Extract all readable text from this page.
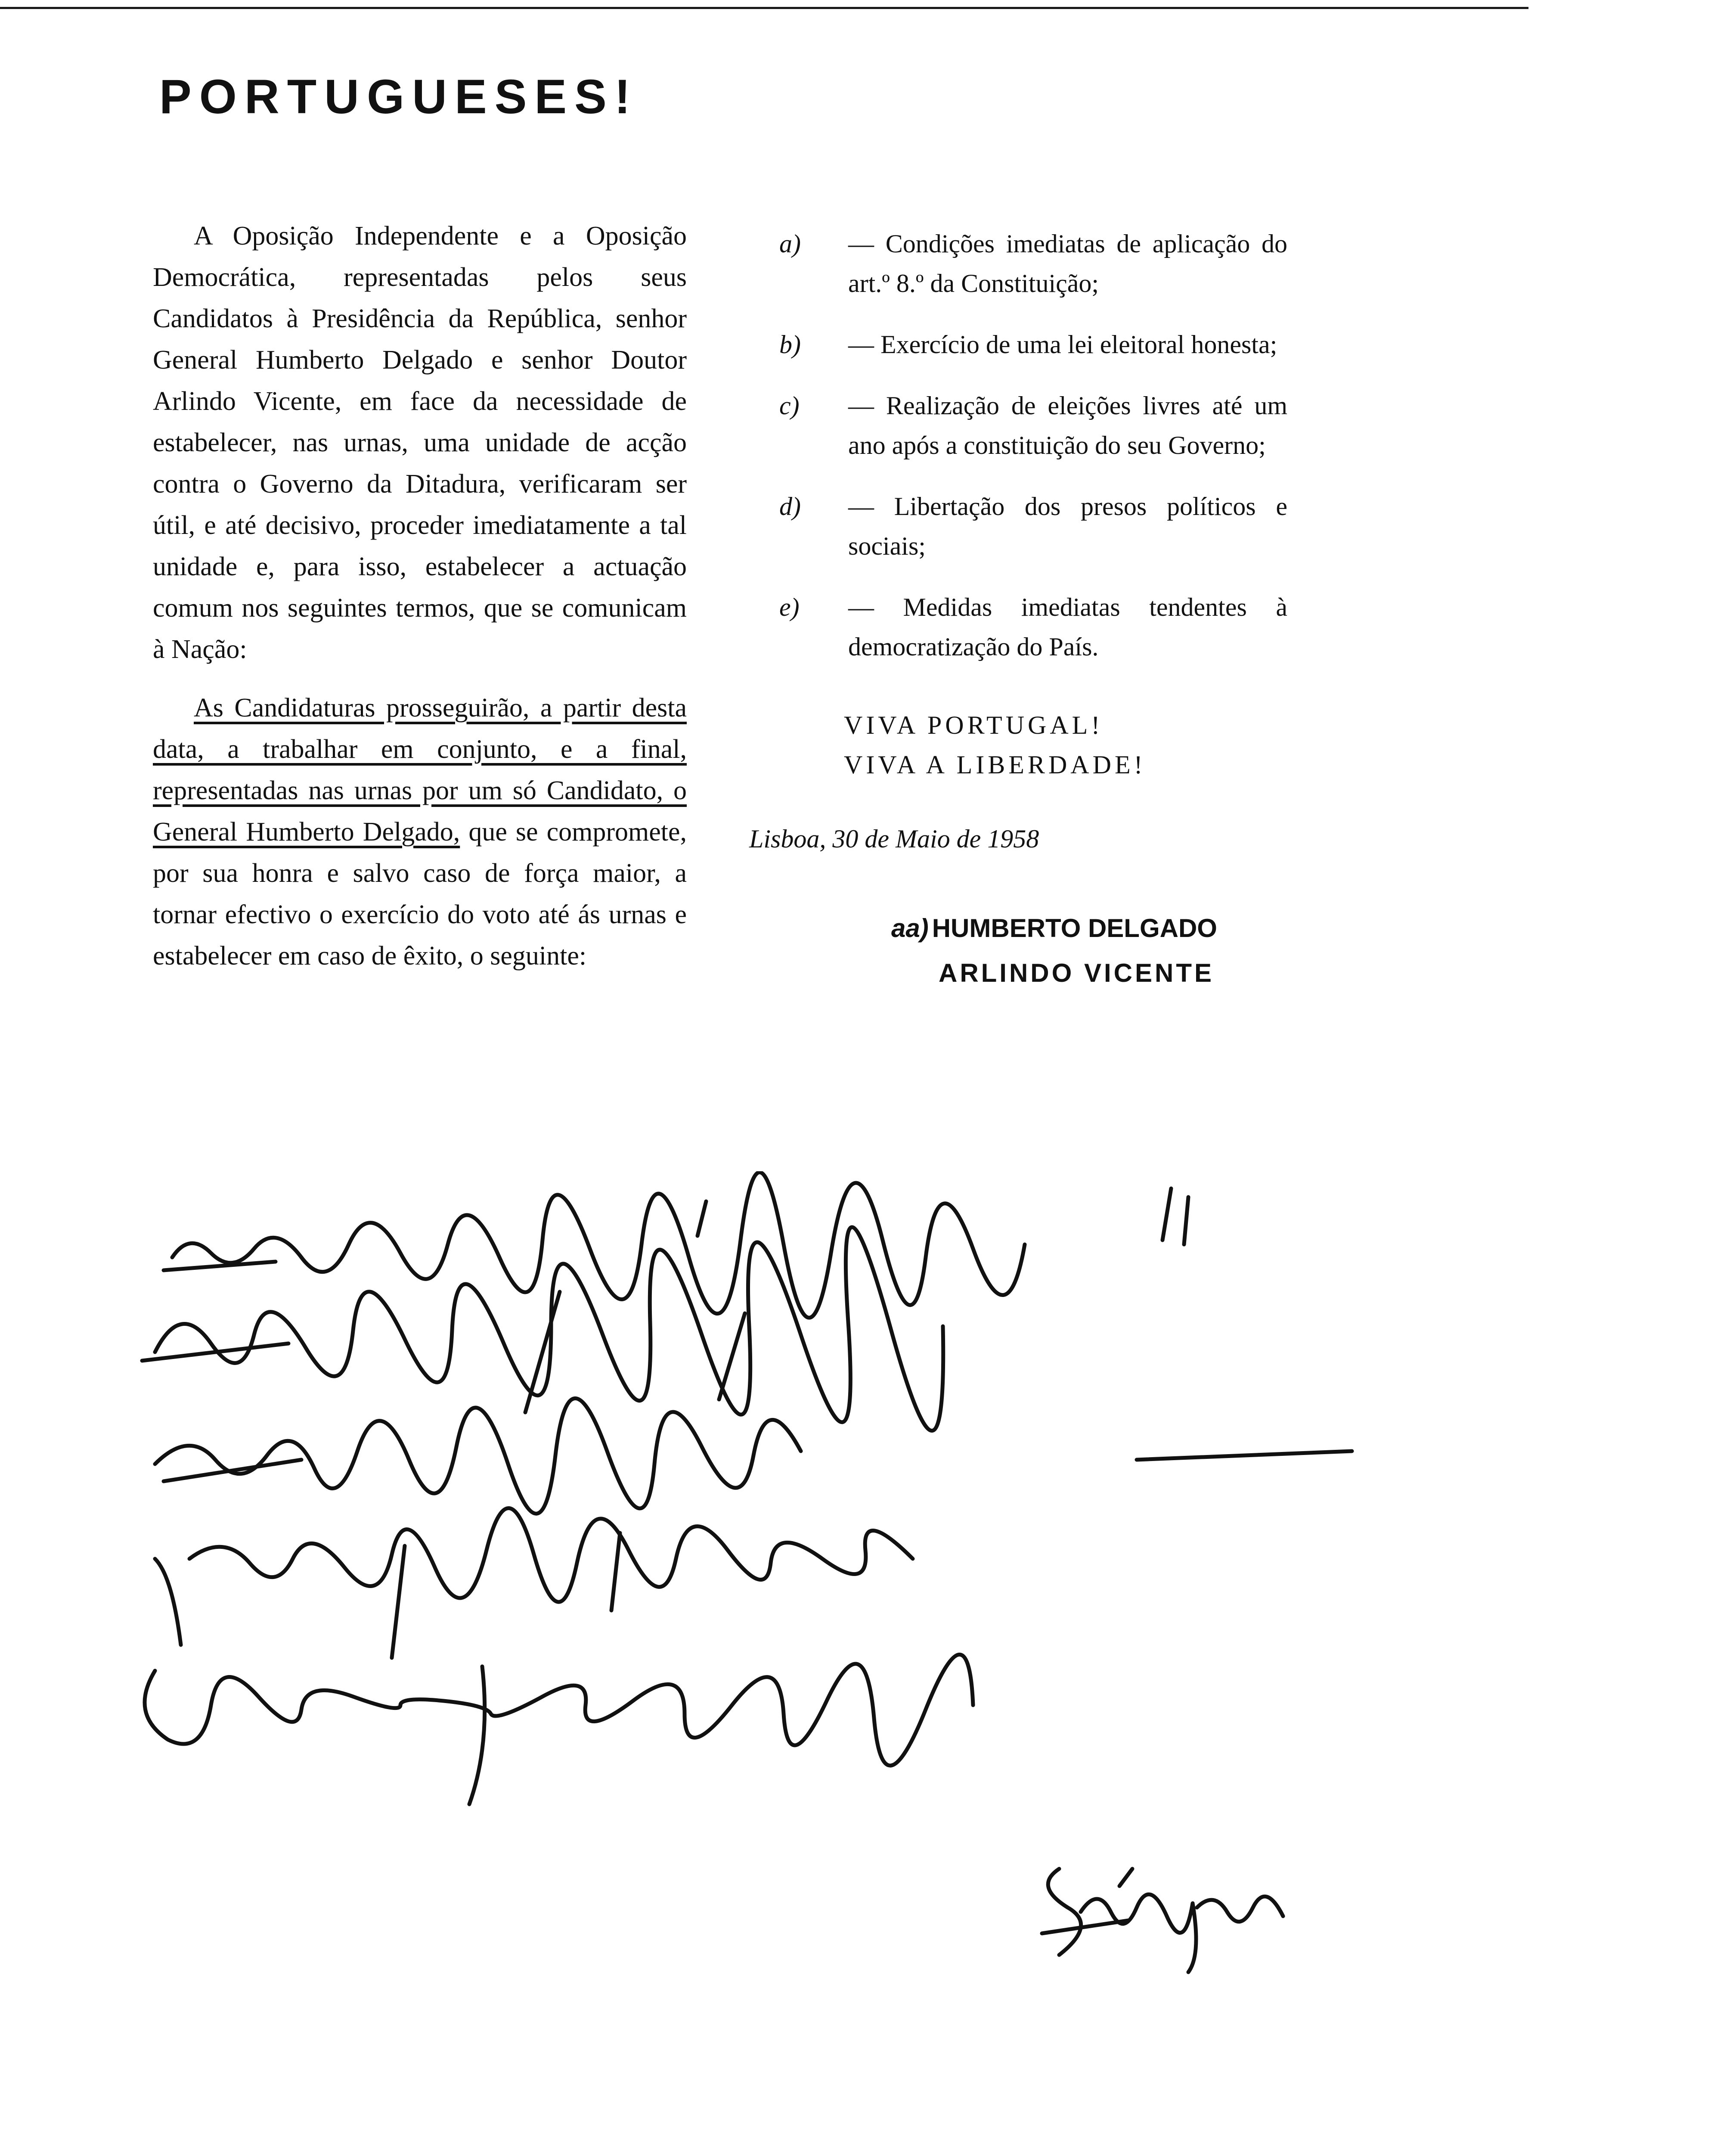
PORTUGUESES!

A Oposição Independente e a Oposição Democrática, representadas pelos seus Candidatos à Presidência da República, senhor General Humberto Delgado e senhor Doutor Arlindo Vicente, em face da necessidade de estabelecer, nas urnas, uma unidade de acção contra o Governo da Ditadura, verificaram ser útil, e até decisivo, proceder imediatamente a tal unidade e, para isso, estabelecer a actuação comum nos seguintes termos, que se comunicam à Nação:

As Candidaturas prosseguirão, a partir desta data, a trabalhar em conjunto, e a final, representadas nas urnas por um só Candidato, o General Humberto Delgado, que se compromete, por sua honra e salvo caso de força maior, a tornar efectivo o exercício do voto até ás urnas e estabelecer em caso de êxito, o seguinte:

a) — Condições imediatas de aplicação do art.º 8.º da Constituição;
b) — Exercício de uma lei eleitoral honesta;
c) — Realização de eleições livres até um ano após a constituição do seu Governo;
d) — Libertação dos presos políticos e sociais;
e) — Medidas imediatas tendentes à democratização do País.
VIVA PORTUGAL!
VIVA A LIBERDADE!
Lisboa, 30 de Maio de 1958
aa) HUMBERTO DELGADO
ARLINDO VICENTE
